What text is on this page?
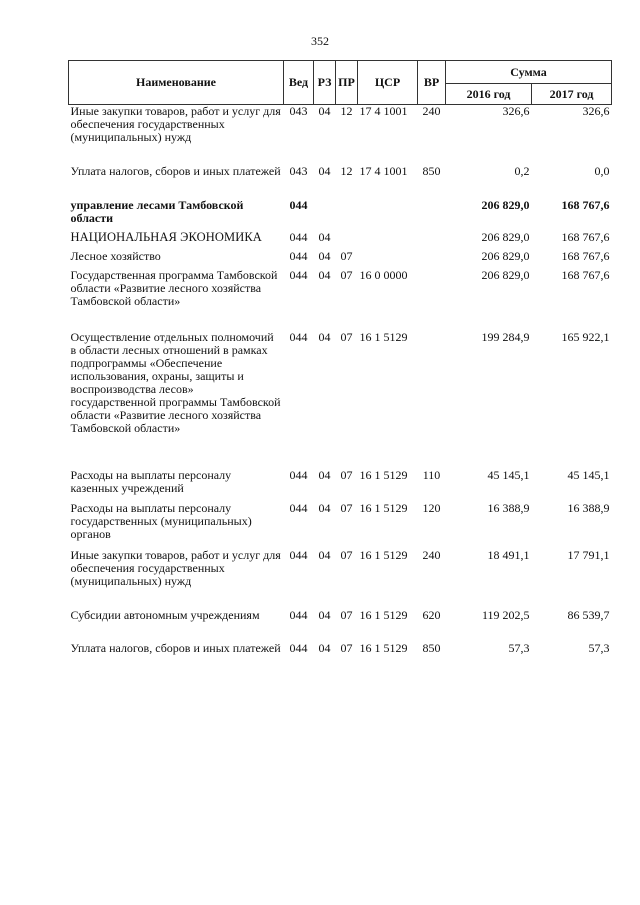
352
Наименование	Вед	РЗ	ПР	ЦСР	ВР	Сумма	
						2016 год	2017 год
Иные закупки товаров, работ и услуг для обеспечения государственных (муниципальных) нужд	043	04	12	17 4 1001	240	326,6	326,6
Уплата налогов, сборов и иных платежей	043	04	12	17 4 1001	850	0,2	0,0
управление лесами Тамбовской области	044					206 829,0	168 767,6
НАЦИОНАЛЬНАЯ ЭКОНОМИКА	044	04				206 829,0	168 767,6
Лесное хозяйство	044	04	07			206 829,0	168 767,6
Государственная программа Тамбовской области «Развитие лесного хозяйства Тамбовской области»	044	04	07	16 0 0000		206 829,0	168 767,6
Осуществление отдельных полномочий в области лесных отношений в рамках подпрограммы «Обеспечение использования, охраны, защиты и воспроизводства лесов» государственной программы Тамбовской области «Развитие лесного хозяйства Тамбовской области»	044	04	07	16 1 5129		199 284,9	165 922,1
Расходы на выплаты персоналу казенных учреждений	044	04	07	16 1 5129	110	45 145,1	45 145,1
Расходы на выплаты персоналу государственных (муниципальных) органов	044	04	07	16 1 5129	120	16 388,9	16 388,9
Иные закупки товаров, работ и услуг для обеспечения государственных (муниципальных) нужд	044	04	07	16 1 5129	240	18 491,1	17 791,1
Субсидии автономным учреждениям	044	04	07	16 1 5129	620	119 202,5	86 539,7
Уплата налогов, сборов и иных платежей	044	04	07	16 1 5129	850	57,3	57,3
